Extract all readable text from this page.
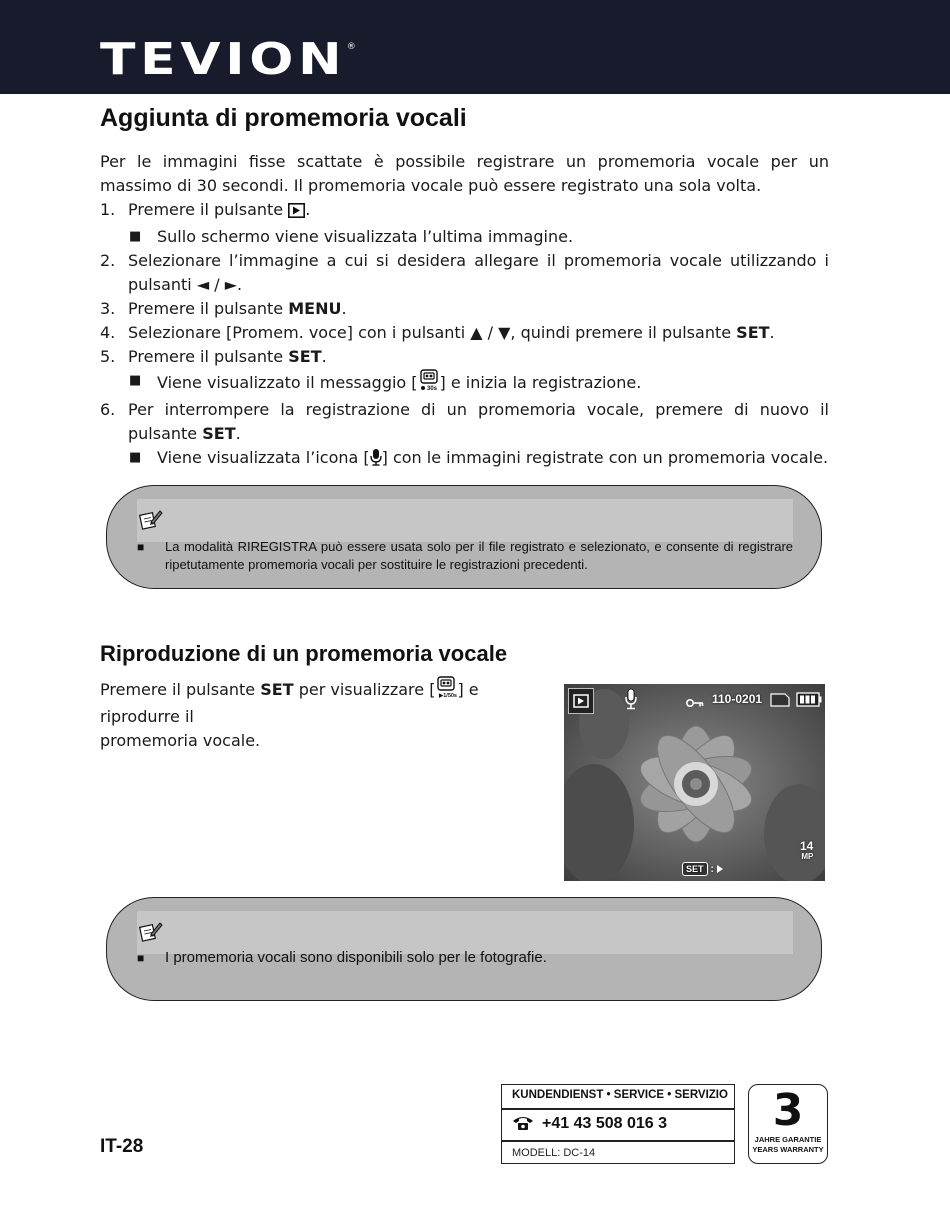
TEVION ®
Aggiunta di promemoria vocali
Per le immagini fisse scattate è possibile registrare un promemoria vocale per un massimo di 30 secondi. Il promemoria vocale può essere registrato una sola volta.
1. Premere il pulsante .
■ Sullo schermo viene visualizzata l’ultima immagine.
2. Selezionare l’immagine a cui si desidera allegare il promemoria vocale utilizzando i pulsanti ◄ / ►.
3. Premere il pulsante MENU.
4. Selezionare [Promem. voce] con i pulsanti ▲ / ▼, quindi premere il pulsante SET.
5. Premere il pulsante SET.
■ Viene visualizzato il messaggio [ 30s ] e inizia la registrazione.
6. Per interrompere la registrazione di un promemoria vocale, premere di nuovo il pulsante SET.
■ Viene visualizzata l’icona [ ] con le immagini registrate con un promemoria vocale.
■	La modalità RIREGISTRA può essere usata solo per il file registrato e selezionato, e consente di registrare ripetutamente promemoria vocali per sostituire le registrazioni precedenti.
Riproduzione di un promemoria vocale
Premere il pulsante SET per visualizzare [ ▶1/50s ] e riprodurre il
promemoria vocale.
110-0201
14
MP
SET :
■	I promemoria vocali sono disponibili solo per le fotografie.
IT-28
KUNDENDIENST • SERVICE • SERVIZIO
+41 43 508 016 3
MODELL: DC-14
3
JAHRE GARANTIE
YEARS WARRANTY
